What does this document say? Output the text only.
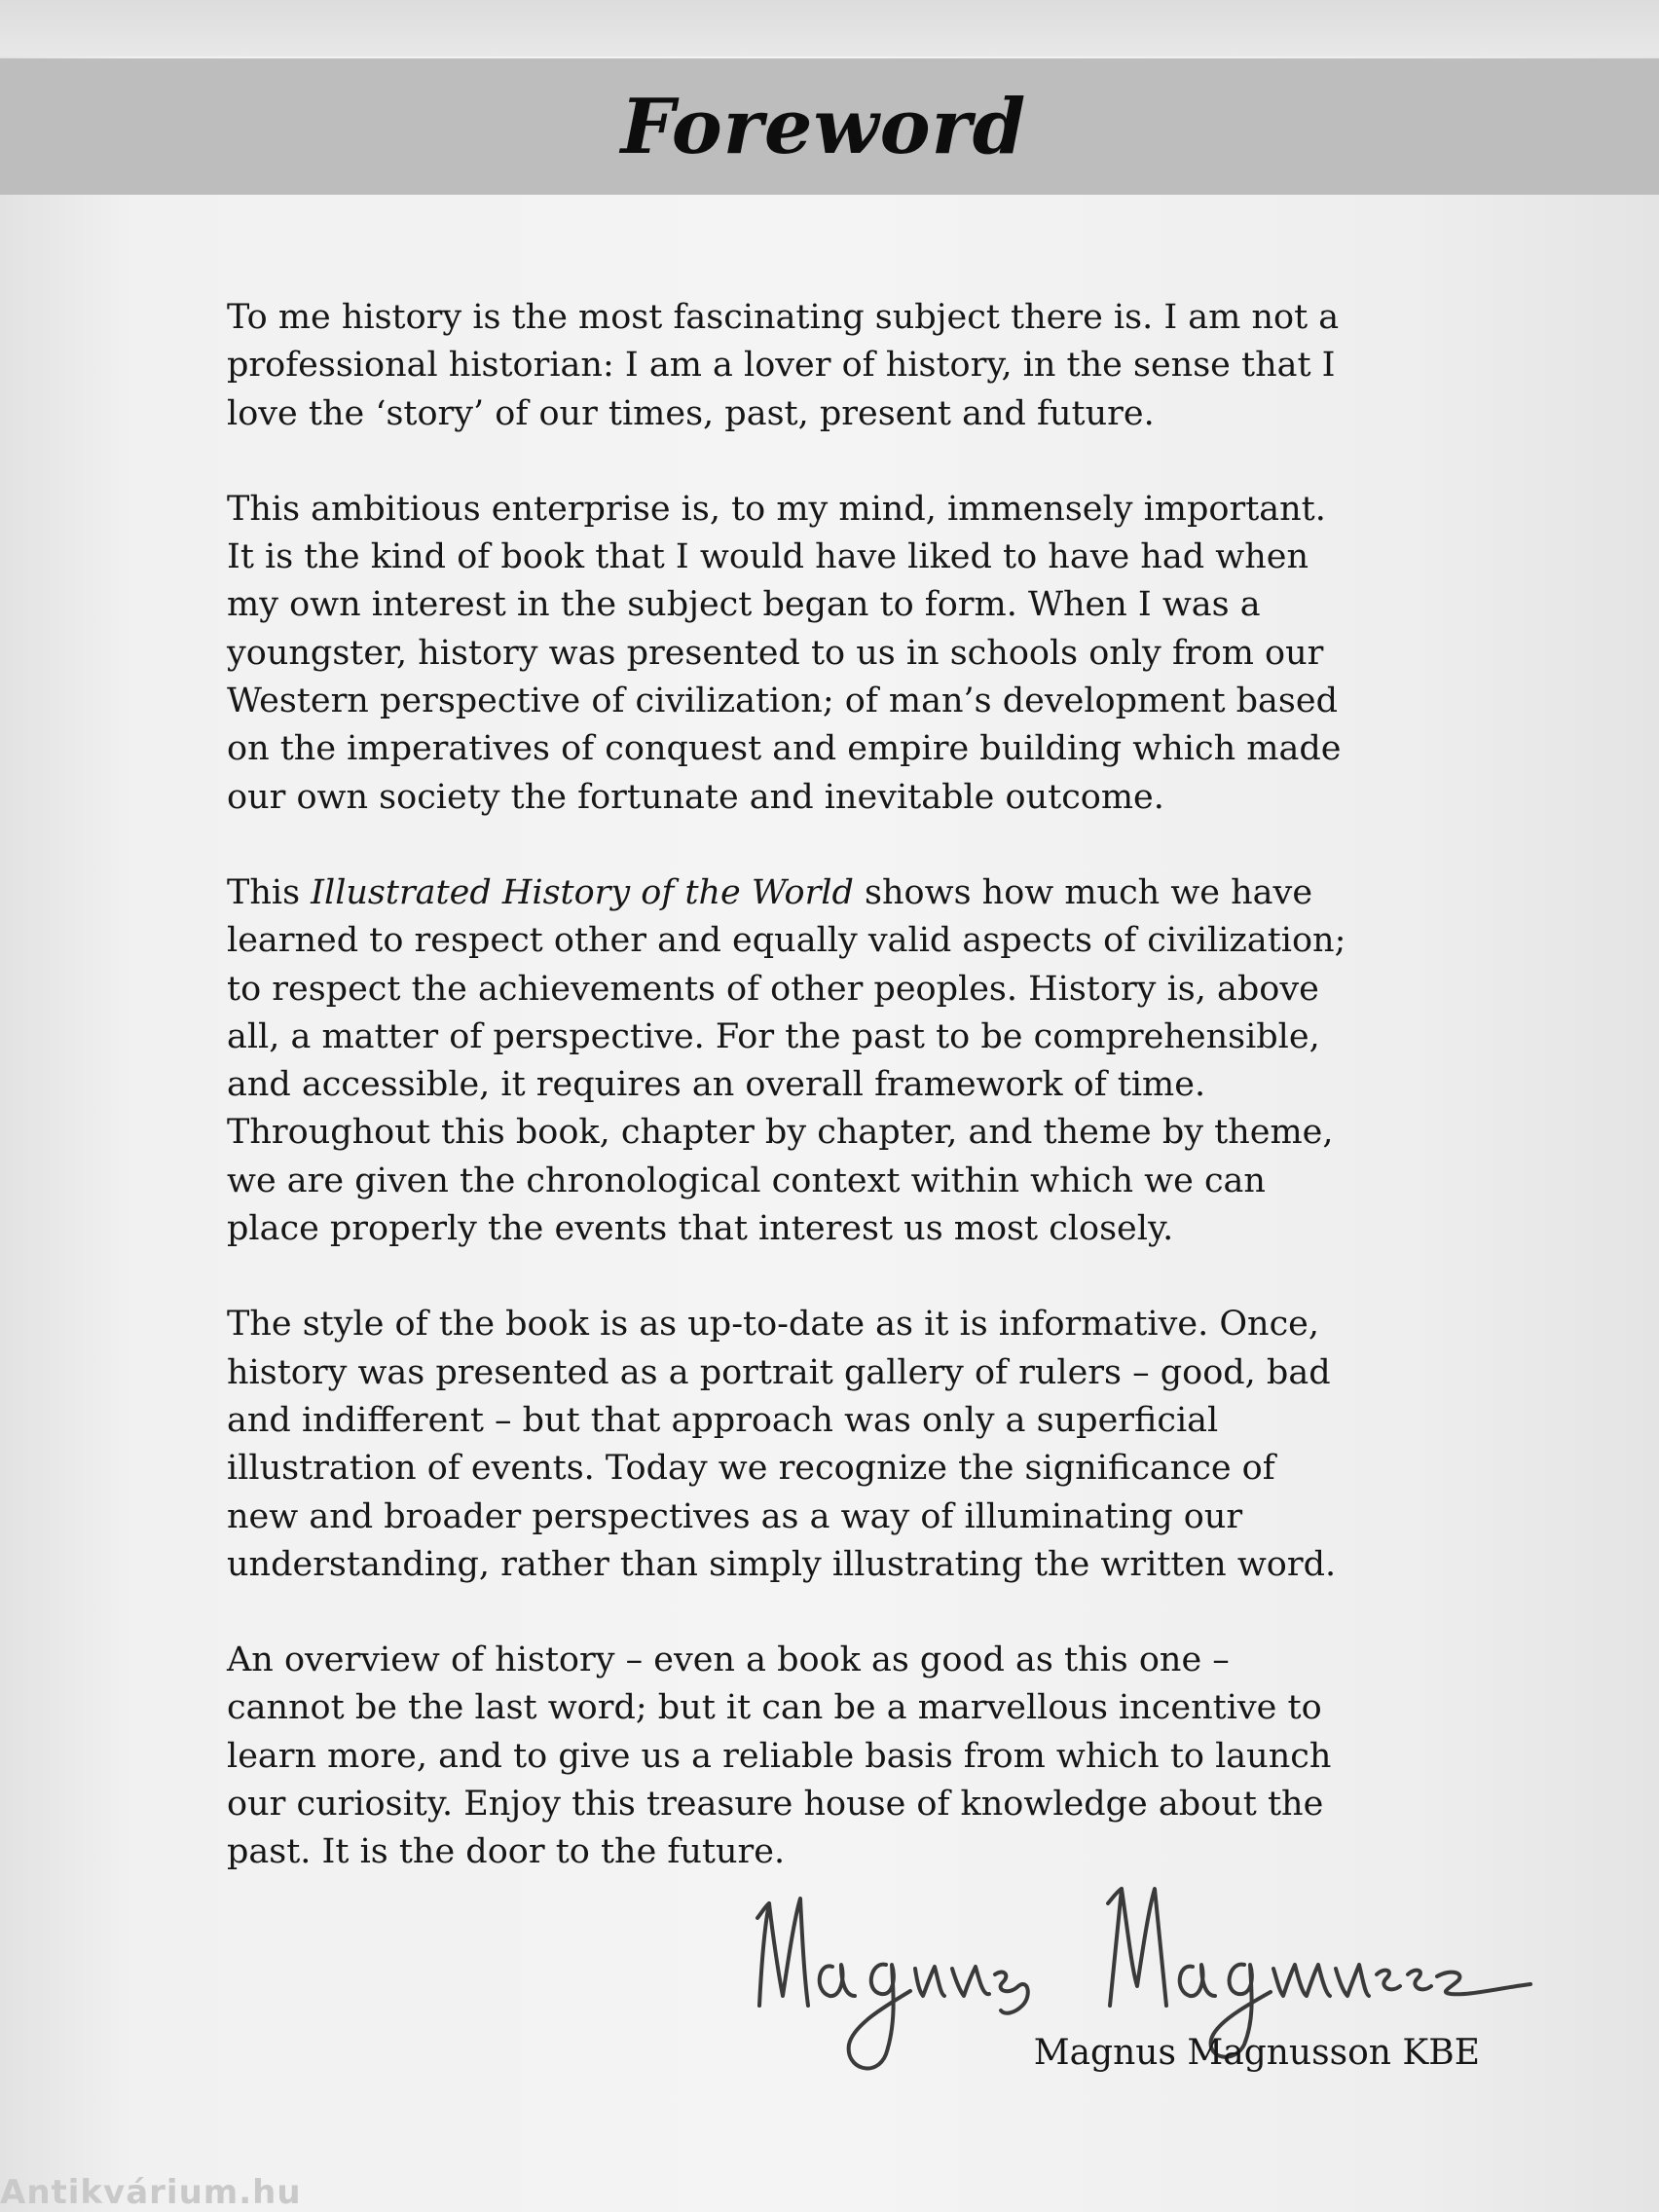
Foreword

To me history is the most fascinating subject there is. I am not a
professional historian: I am a lover of history, in the sense that I
love the ‘story’ of our times, past, present and future.

This ambitious enterprise is, to my mind, immensely important.
It is the kind of book that I would have liked to have had when
my own interest in the subject began to form. When I was a
youngster, history was presented to us in schools only from our
Western perspective of civilization; of man’s development based
on the imperatives of conquest and empire building which made
our own society the fortunate and inevitable outcome.

This Illustrated History of the World shows how much we have
learned to respect other and equally valid aspects of civilization;
to respect the achievements of other peoples. History is, above
all, a matter of perspective. For the past to be comprehensible,
and accessible, it requires an overall framework of time.
Throughout this book, chapter by chapter, and theme by theme,
we are given the chronological context within which we can
place properly the events that interest us most closely.

The style of the book is as up-to-date as it is informative. Once,
history was presented as a portrait gallery of rulers – good, bad
and indifferent – but that approach was only a superficial
illustration of events. Today we recognize the significance of
new and broader perspectives as a way of illuminating our
understanding, rather than simply illustrating the written word.

An overview of history – even a book as good as this one –
cannot be the last word; but it can be a marvellous incentive to
learn more, and to give us a reliable basis from which to launch
our curiosity. Enjoy this treasure house of knowledge about the
past. It is the door to the future.

Magnus Magnusson KBE
Antikvárium.hu
